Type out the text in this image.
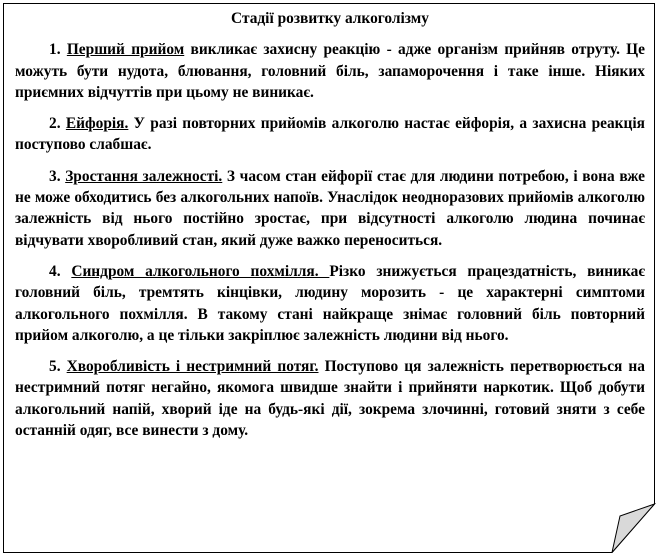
Стадії розвитку алкоголізму

1. Перший прийом викликає захисну реакцію - адже організм прийняв отруту. Це можуть бути нудота, блювання, головний біль, запаморочення і таке інше. Ніяких приємних відчуттів при цьому не виникає.

2. Ейфорія. У разі повторних прийомів алкоголю настає ейфорія, а захисна реакція поступово слабшає.

3. Зростання залежності. З часом стан ейфорії стає для людини потребою, і вона вже не може обходитись без алкогольних напоїв. Унаслідок неодноразових прийомів алкоголю залежність від нього постійно зростає, при відсутності алкоголю людина починає відчувати хворобливий стан, який дуже важко переноситься.

4. Синдром алкогольного похмілля. Різко знижується працездатність, виникає головний біль, тремтять кінцівки, людину морозить - це характерні симптоми алкогольного похмілля. В такому стані найкраще знімає головний біль повторний прийом алкоголю, а це тільки закріплює залежність людини від нього.

5. Хворобливість і нестримний потяг. Поступово ця залежність перетворюється на нестримний потяг негайно, якомога швидше знайти і прийняти наркотик. Щоб добути алкогольний напій, хворий іде на будь-які дії, зокрема злочинні, готовий зняти з себе останній одяг, все винести з дому.
